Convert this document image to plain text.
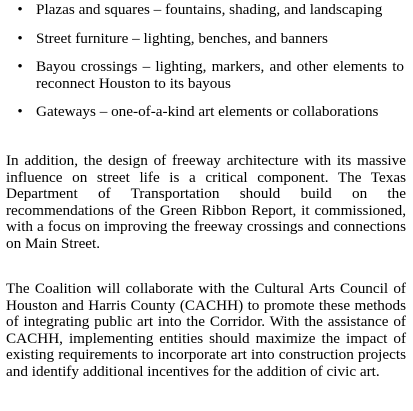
• Plazas and squares – fountains, shading, and landscaping
• Street furniture – lighting, benches, and banners
• Bayou crossings – lighting, markers, and other elements to reconnect Houston to its bayous
• Gateways – one-of-a-kind art elements or collaborations

In addition, the design of freeway architecture with its massive influence on street life is a critical component. The Texas Department of Transportation should build on the recommendations of the Green Ribbon Report, it commissioned, with a focus on improving the freeway crossings and connections on Main Street.

The Coalition will collaborate with the Cultural Arts Council of Houston and Harris County (CACHH) to promote these methods of integrating public art into the Corridor. With the assistance of CACHH, implementing entities should maximize the impact of existing requirements to incorporate art into construction projects and identify additional incentives for the addition of civic art.
